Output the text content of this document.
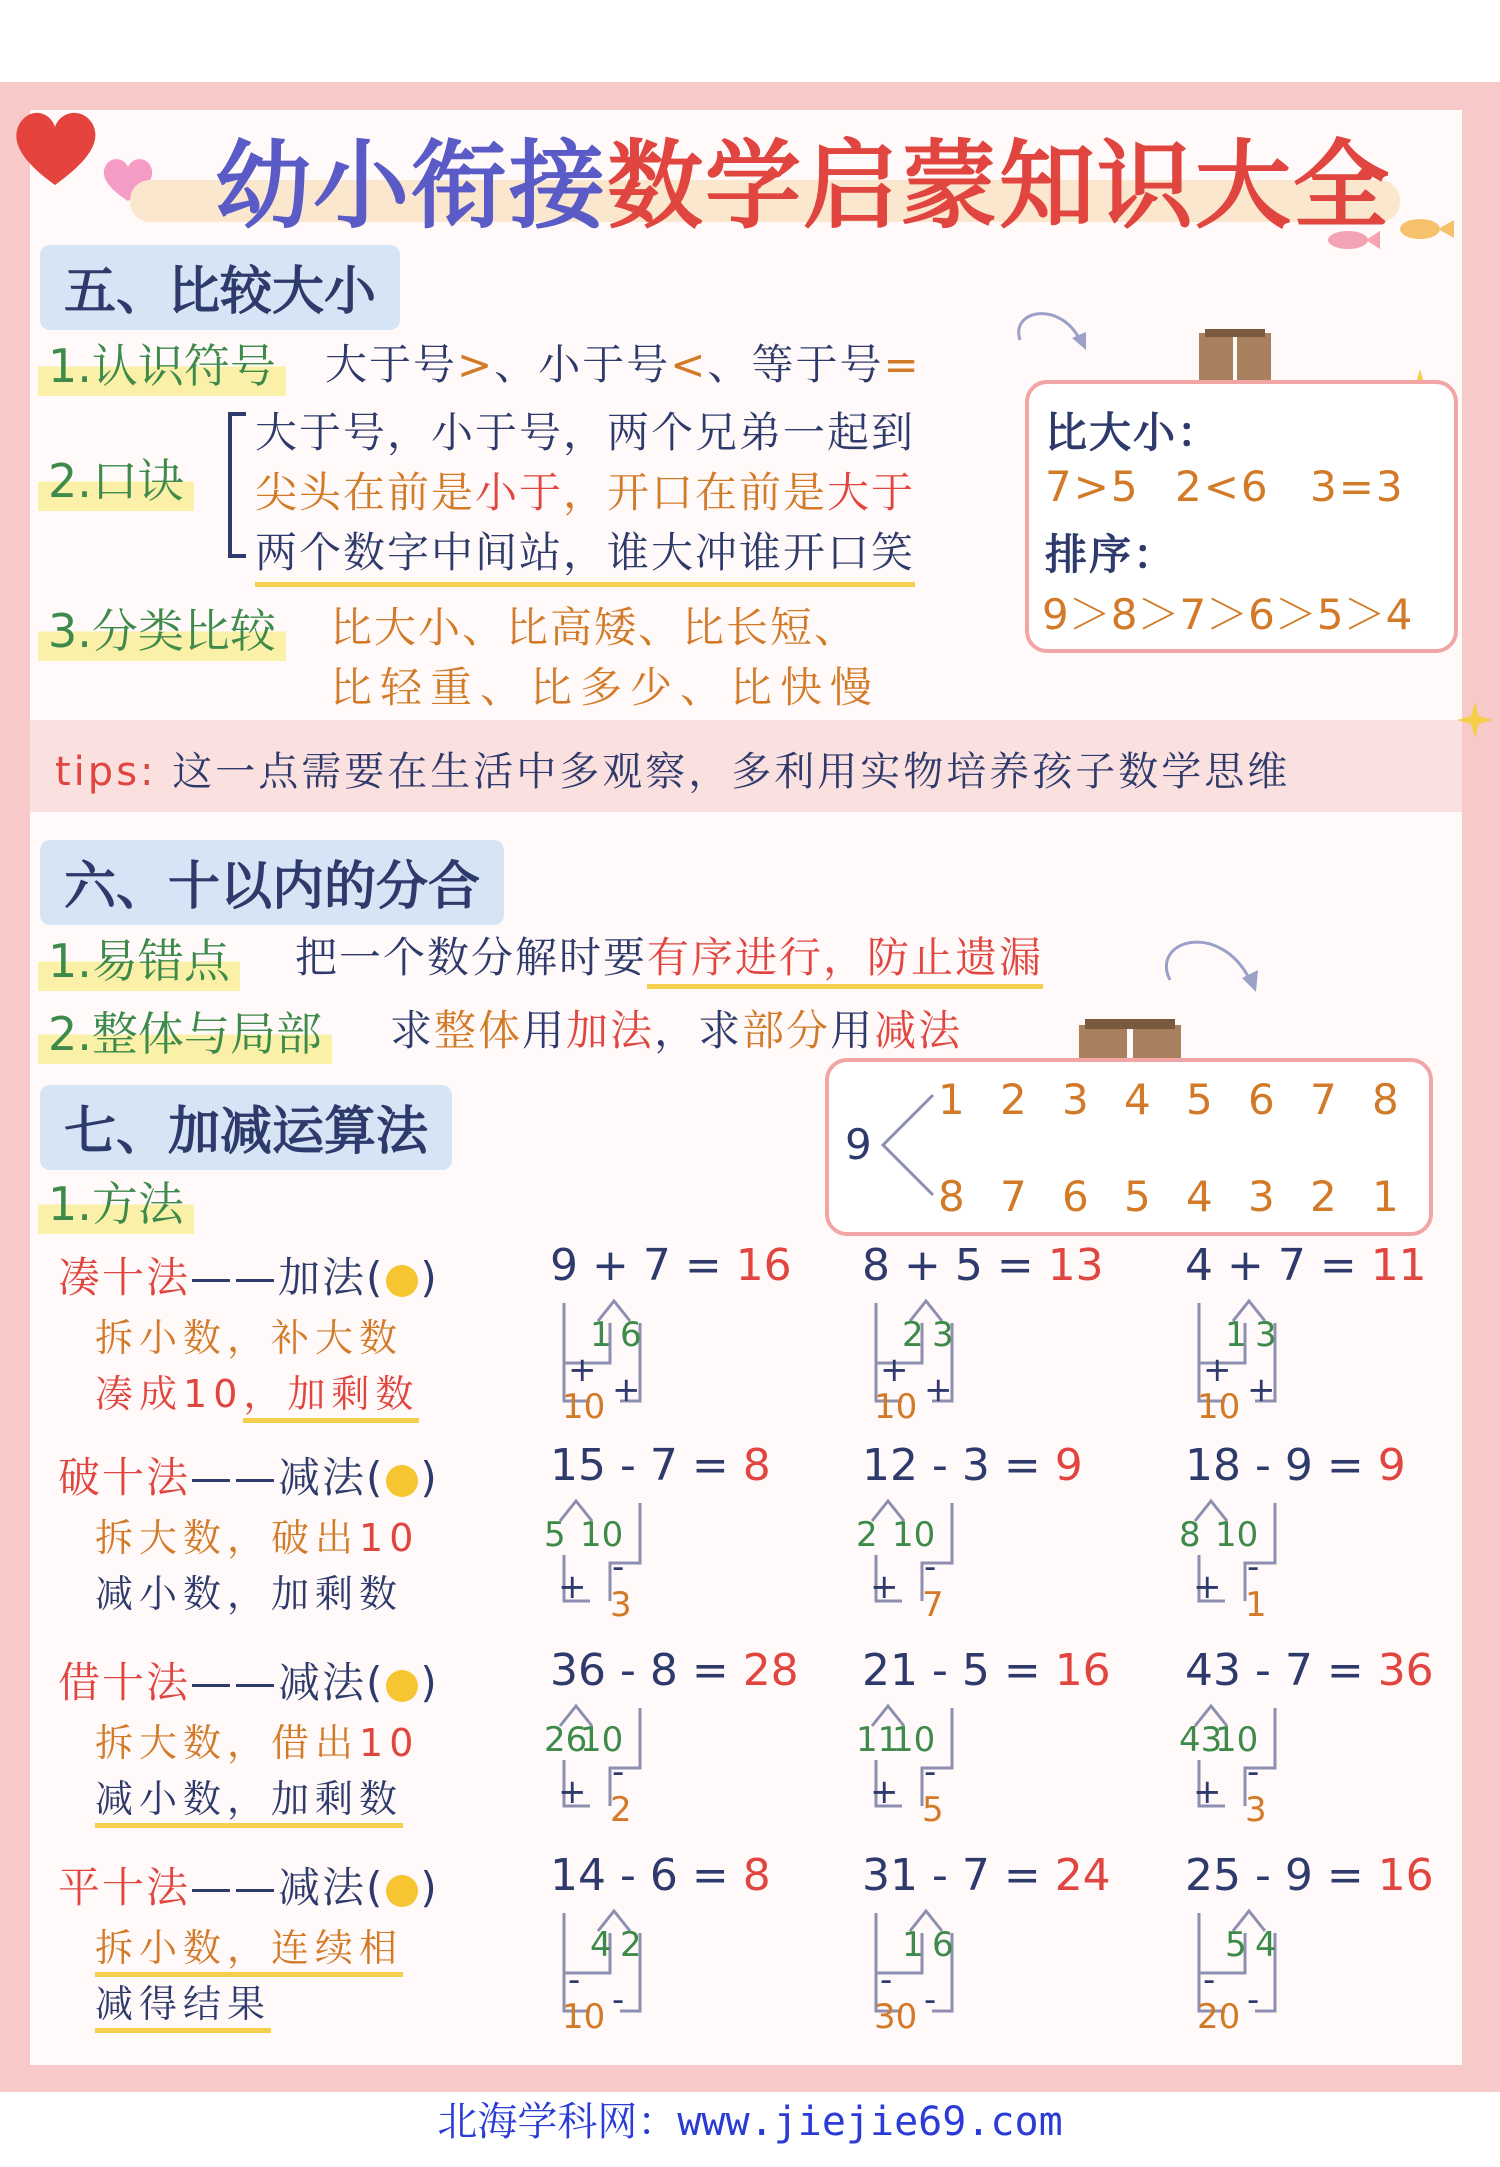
幼小衔接数学启蒙知识大全
五、比较大小
1.认识符号 大于号>、小于号<、等于号=
2.口诀
大于号，小于号，两个兄弟一起到
尖头在前是小于，开口在前是大于
两个数字中间站，谁大冲谁开口笑
3.分类比较 比大小、比高矮、比长短、
比轻重、比多少、比快慢
比大小：
7>5 2<6 3=3
排序：
9＞8＞7＞6＞5＞4
tips: 这一点需要在生活中多观察，多利用实物培养孩子数学思维
六、十以内的分合
1.易错点 把一个数分解时要有序进行，防止遗漏
2.整体与局部 求整体用加法，求部分用减法
9
1 2 3 4 5 6 7 8
8 7 6 5 4 3 2 1
七、加减运算法
1.方法
凑十法——加法( )
拆小数，补大数
凑成10，加剩数
9 + 7 = 16
1 6
+ +
10
8 + 5 = 13
2 3
+ +
10
4 + 7 = 11
1 3
+ +
10
破十法——减法( )
拆大数，破出10
减小数，加剩数
15 - 7 = 8
5 10
+ -
3
12 - 3 = 9
2 10
+ -
7
18 - 9 = 9
8 10
+ -
1
借十法——减法( )
拆大数，借出10
减小数，加剩数
36 - 8 = 28
26
10
+ -
2
21 - 5 = 16
11
10
+ -
5
43 - 7 = 36
43
10
+ -
3
平十法——减法( )
拆小数，连续相
减得结果
14 - 6 = 8
4 2
- -
10
31 - 7 = 24
1 6
- -
30
25 - 9 = 16
5 4
- -
20
北海学科网：www.jiejie69.com
